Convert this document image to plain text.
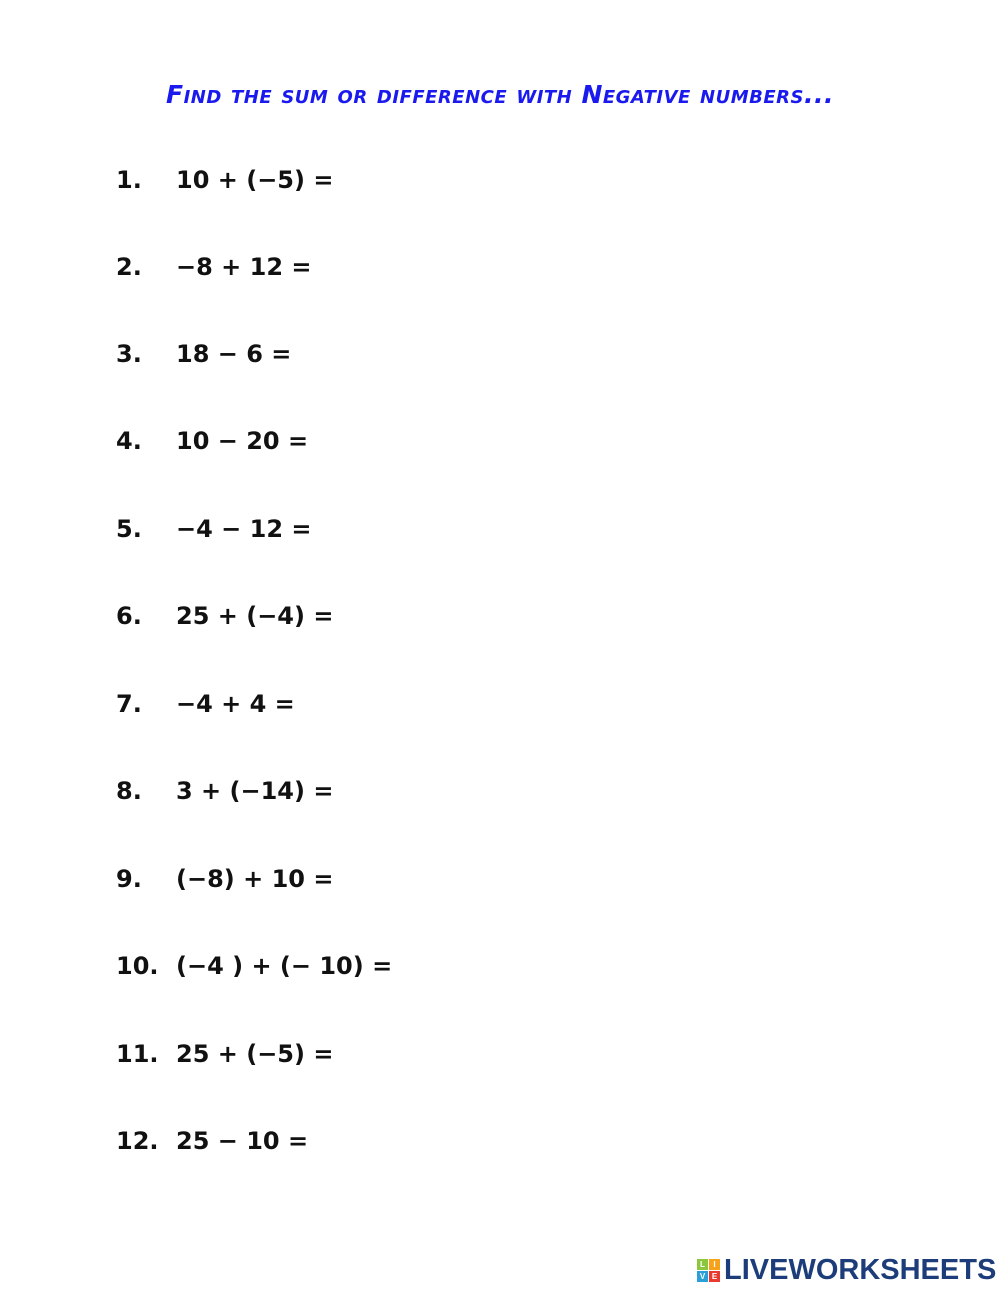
Find the sum or difference with Negative numbers...
1.	10 + (−5) =
2.	−8 + 12 =
3.	18 − 6 =
4.	10 − 20 =
5.	−4 − 12 =
6.	25 + (−4) =
7.	−4 + 4 =
8.	3 + (−14) =
9.	(−8) + 10 =
10. (−4 ) + (− 10) =
11. 25 + (−5) =
12. 25 − 10 =
L	I
V E LIVEWORKSHEETS
